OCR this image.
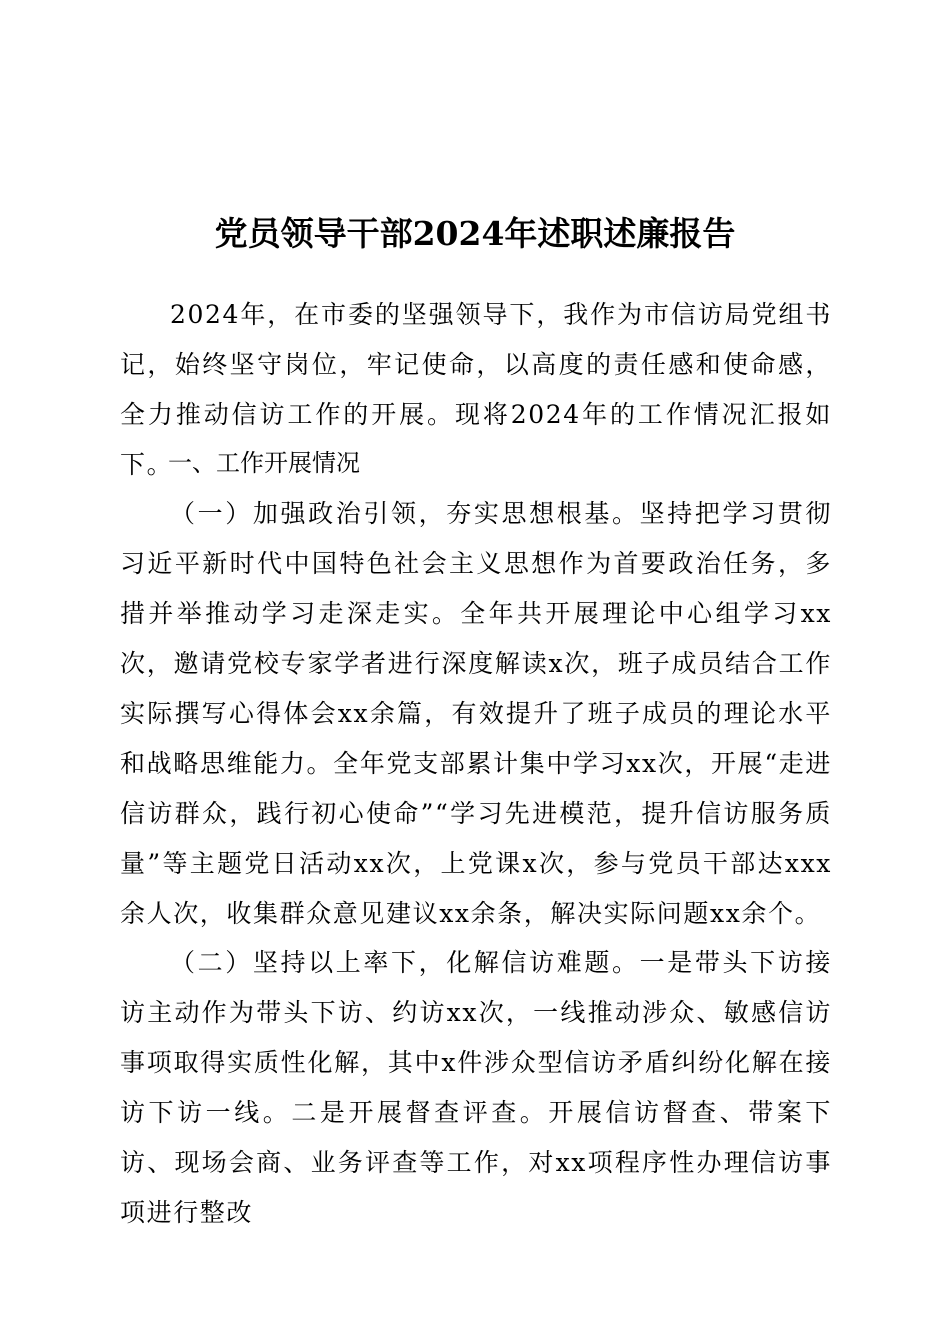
党员领导干部2024年述职述廉报告

2024年，在市委的坚强领导下，我作为市信访局党组书记，始终坚守岗位，牢记使命，以高度的责任感和使命感，全力推动信访工作的开展。现将2024年的工作情况汇报如下。

一、工作开展情况

（一）加强政治引领，夯实思想根基。坚持把学习贯彻习近平新时代中国特色社会主义思想作为首要政治任务，多措并举推动学习走深走实。全年共开展理论中心组学习xx次，邀请党校专家学者进行深度解读x次，班子成员结合工作实际撰写心得体会xx余篇，有效提升了班子成员的理论水平和战略思维能力。全年党支部累计集中学习xx次，开展“走进信访群众，践行初心使命”“学习先进模范，提升信访服务质量”等主题党日活动xx次，上党课x次，参与党员干部达xxx余人次，收集群众意见建议xx余条，解决实际问题xx余个。

（二）坚持以上率下，化解信访难题。一是带头下访接访主动作为带头下访、约访xx次，一线推动涉众、敏感信访事项取得实质性化解，其中x件涉众型信访矛盾纠纷化解在接访下访一线。二是开展督查评查。开展信访督查、带案下访、现场会商、业务评查等工作，对xx项程序性办理信访事项进行整改
